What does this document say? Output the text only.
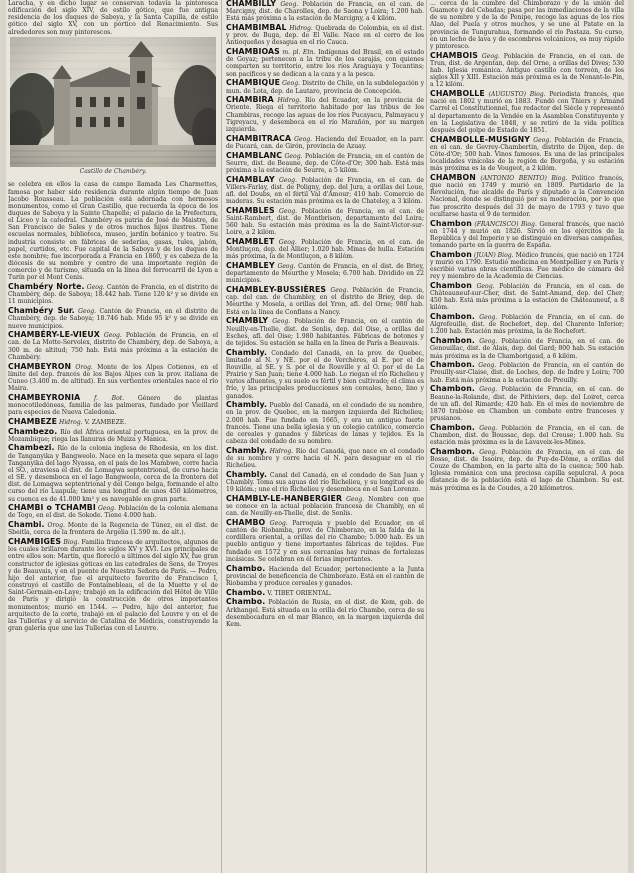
Laracha, y en dicho lugar se conservan todavía la pintoresca edificación del siglo XIV, de estilo gótico, que fue antigua residencia de los duques de Saboya, y la Santa Capilla, de estilo gótico del siglo XV, con un pórtico del Renacimiento. Sus alrededores son muy pintorescos.
Castillo de Chambéry.
se celebra en ellos la casa de campo llamada Les Charmettes, famosa por haber sido residencia durante algún tiempo de Juan Jacobo Rousseau. La población está adornada con hermosos monumentos, como el Gran Castillo, que recuerda la época de los duques de Saboya y la Sainte Chapelle; el palacio de la Prefectura, el Liceo y la catedral. Chambéry es patria de José de Maistre, de San Francisco de Sales y de otros muchos hijos ilustres. Tiene escuelas normales, biblioteca, museo, jardín botánico y teatro. Su industria consiste en fábricas de sederías, gasas, tules, jabón, papel, curtidos, etc. Fue capital de la Saboya y de los duques de este nombre; fue incorporada a Francia en 1860, y es cabeza de la diócesis de su nombre y centro de una importante región de comercio y de turismo, situada en la línea del ferrocarril de Lyon a Turín por el Mont Cenis.
Chambéry Norte. Geog. Cantón de Francia, en el distrito de Chambéry, dep. de Saboya; 18.442 hab. Tiene 120 k² y se divide en 11 municipios.
Chambéry Sur. Geog. Cantón de Francia, en el distrito de Chambéry, dep. de Saboya; 18.746 hab. Mide 95 k² y se divide en nueve municipios.
CHAMBÉRY-LE-VIEUX Geog. Población de Francia, en el can. de La Motte-Servolex, distrito de Chambéry, dep. de Saboya, a 300 m. de altitud; 750 hab. Está más próxima a la estación de Chambéry.
CHAMBEYRON Orog. Monte de los Alpes Cotienos, en el límite del dep. francés de los Bajos Alpes con la prov. italiana de Cuneo (3.400 m. de altitud). En sus vertientes orientales nace el río Maira.
CHAMBEYRONIA f. Bot. Género de plantas monocotiledóneas, familia de las palmeras, fundado por Vieillard para especies de Nueva Caledonia.
CHAMBEZE Hidrog. V. ZAMBEZE.
Chambezo. Río del África oriental portuguesa, en la prov. de Mozambique; riega las llanuras de Muiza y Manica.
Chambezi. Río de la colonia inglesa de Rhodesia, en los dist. de Tanganyika y Bangweolo. Nace en la meseta que separa el lago Tanganyika del lago Nyassa, en el país de los Mambwe, corre hacia el SO., atraviesa el dist. de Lomagwa septentrional, de curso hacia el SE. y desemboca en el lago Bangweolo, cerca de la frontera del dist. de Lomagwa septentrional y del Congo belga, formando el alto curso del río Luapula; tiene una longitud de unos 450 kilómetros, su cuenca es de 41.000 km² y es navegable en gran parte.
CHAMBI o TCHAMBI Geog. Población de la colonia alemana de Togo, en el dist. de Sokode. Tiene 4.000 hab.
Chambi. Orog. Monte de la Regencia de Túnez, en el dist. de Sbeitla, cerca de la frontera de Argelia (1.590 m. de alt.).
CHAMBIGES Biog. Familia francesa de arquitectos, algunos de los cuales brillaron durante los siglos XV y XVI. Los principales de entre ellos son: Martín, que floreció a últimos del siglo XV, fue gran constructor de iglesias góticas en las catedrales de Sens, de Troyes y de Beauvais, y en el puente de Nuestra Señora de París. — Pedro, hijo del anterior, fue el arquitecto favorito de Francisco I, construyó el castillo de Fontainebleau, el de la Muette y el de Saint-Germain-en-Laye; trabajó en la edificación del Hôtel de Ville de París y dirigió la construcción de otros importantes monumentos; murió en 1544. — Pedro, hijo del anterior, fue arquitecto de la corte, trabajó en el palacio del Louvre y en el de las Tullerías y al servicio de Catalina de Médicis, construyendo la gran galería que une las Tullerías con el Louvre.
CHAMBILLY Geog. Población de Francia, en el can. de Marcigny, dist. de Charolles, dep. de Saona y Loira; 1.200 hab. Está más próxima a la estación de Marcigny, a 4 kilóm.
CHAMBIMBAL Hidrog. Quebrada de Colombia, en el dist. y prov. de Buga, dep. de El Valle. Nace en el cerro de los Antioqueños y desagua en el río Cauca.
CHAMBIOAS m. pl. Etn. Indígenas del Brasil, en el estado de Goyaz; pertenecen a la tribu de los carajás, con quienes comparten su territorio, entre los ríos Araguaya y Tocantins; son pacíficos y se dedican a la caza y a la pesca.
CHAMBIQUE Geog. Distrito de Chile, en la subdelegación y mun. de Lota, dep. de Lautaro, provincia de Concepción.
CHAMBIRA Hidrog. Río del Ecuador, en la provincia de Oriente. Riega el territorio habitado por las tribus de los Chambiras, recoge las aguas de los ríos Pucayacu, Palmayacu y Tigreyacu, y desemboca en el río Marañón, por su margen izquierda.
CHAMBITRACA Geog. Hacienda del Ecuador, en la parr. de Pucará, can. de Girón, provincia de Azuay.
CHAMBLANC Geog. Población de Francia, en el cantón de Seurre, dist. de Beaune, dep. de Côte-d'Or; 300 hab. Está más próxima a la estación de Seurre, a 5 kilóm.
CHAMBLAY Geog. Población de Francia, en el can. de Villers-Farlay, dist. de Poligny, dep. del Jura, a orillas del Loue, afl. del Doubs, en el fértil Val d'Amour; 410 hab. Comercio de maderas. Su estación más próxima es la de Chateley, a 3 kilóm.
CHAMBLES Geog. Población de Francia, en el can. de Saint-Rambert, dist. de Montbrison, departamento del Loira; 560 hab. Su estación más próxima es la de Saint-Victor-sur-Loire, a 2 kilóm.
CHAMBLET Geog. Población de Francia, en el can. de Montluçon, dep. del Allier; 1.020 hab. Minas de hulla. Estación más próxima, la de Montluçon, a 8 kilóm.
CHAMBLEY Geog. Cantón de Francia, en el dist. de Briey, departamento de Meurthe y Mosela; 6.700 hab. Dividido en 22 municipios.
CHAMBLEY-BUSSIÈRES Geog. Población de Francia, cap. del can. de Chambley, en el distrito de Briey, dep. de Meurthe y Mosela, a orillas del Yron, afl. del Orne; 980 hab. Está en la línea de Conflans a Nancy.
CHAMBLY Geog. Población de Francia, en el cantón de Neuilly-en-Thelle, dist. de Senlis, dep. del Oise, a orillas del Esches, afl. del Oise; 1.980 habitantes. Fábricas de botones y de tejidos. Su estación se halla en la línea de París a Beauvais.
Chambly. Condado del Canadá, en la prov. de Quebec, limitado al N. y NE. por el de Verchères, al E. por el de Rouville, al SE. y S. por el de Rouville y al O. por el de La Prairie y San Juan; tiene 4.000 hab. Lo riegan el río Richelieu y varios afluentes, y su suelo es fértil y bien cultivado; el clima es frío, y las principales producciones son cereales, heno, lino y ganados.
Chambly. Pueblo del Canadá, en el condado de su nombre, en la prov. de Quebec, en la margen izquierda del Richelieu; 2.000 hab. Fue fundado en 1665, y era un antiguo fuerte francés. Tiene una bella iglesia y un colegio católico, comercio de cereales y ganados y fábricas de lanas y tejidos. Es la cabeza del condado de su nombre.
Chambly. Hidrog. Río del Canadá, que nace en el condado de su nombre y corre hacia el N. para desaguar en el río Richelieu.
Chambly. Canal del Canadá, en el condado de San Juan y Chambly. Toma sus aguas del río Richelieu, y su longitud es de 19 kilóm.; une el río Richelieu y desemboca en el San Lorenzo.
CHAMBLY-LE-HANBERGIER Geog. Nombre con que se conoce en la actual población francesa de Chambly, en el can. de Neuilly-en-Thelle, dist. de Senlis.
CHAMBO Geog. Parroquia y pueblo del Ecuador, en el cantón de Riobamba, prov. de Chimborazo, en la falda de la cordillera oriental, a orillas del río Chambo; 5.000 hab. Es un pueblo antiguo y tiene importantes fábricas de tejidos. Fue fundado en 1572 y en sus cercanías hay ruinas de fortalezas incásicas. Se celebran en él ferias importantes.
Chambo. Hacienda del Ecuador, perteneciente a la Junta provincial de beneficencia de Chimborazo. Está en el cantón de Riobamba y produce cereales y ganados.
Chambo. V. TIBET ORIENTAL.
Chambo. Población de Rusia, en el dist. de Kem, gob. de Arkhangel. Está situada en la orilla del río Chambo, cerca de su desembocadura en el mar Blanco, en la margen izquierda del Kem.
... cerca de la cumbre del Chimborazo y de la unión del Guamote y del Cebadas; pasa por las inmediaciones de la villa de su nombre y de la de Penipe, recoge las aguas de los ríos Alao, del Puela y otros muchos, y se une al Patate en la provincia de Tungurahua, formando el río Pastaza. Su curso, en un lecho de lava y de escombros volcánicos, es muy rápido y pintoresco.
CHAMBOIS Geog. Población de Francia, en el can. de Trun, dist. de Argentan, dep. del Orne, a orillas del Dives; 530 hab. Iglesia románica. Antiguo castillo con torreón, de los siglos XII y XIII. Estación más próxima es la de Nonant-le-Pin, a 12 kilóm.
CHAMBOLLE (AUGUSTO) Biog. Periodista francés, que nació en 1802 y murió en 1883. Fundó con Thiers y Armand Carrel el Constitutionnel, fue redactor del Siècle y representó al departamento de la Vendée en la Asamblea Constituyente y en la Legislativa de 1848, y se retiró de la vida política después del golpe de Estado de 1851.
CHAMBOLLE-MUSIGNY Geog. Población de Francia, en el can. de Gevrey-Chambertin, distrito de Dijon, dep. de Côte-d'Or; 500 hab. Vinos famosos. Es una de las principales localidades vinícolas de la región de Borgoña, y su estación más próxima es la de Vougeot, a 2 kilóm.
CHAMBON (ANTONIO BENITO) Biog. Político francés, que nació en 1749 y murió en 1809. Partidario de la Revolución, fue alcalde de París y diputado a la Convención Nacional, donde se distinguió por su moderación, por lo que fue proscrito después del 31 de mayo de 1793 y tuvo que ocultarse hasta el 9 de termidor.
Chambon (FRANCISCO) Biog. General francés, que nació en 1744 y murió en 1826. Sirvió en los ejércitos de la República y del Imperio y se distinguió en diversas campañas, tomando parte en la guerra de España.
Chambon (JUAN) Biog. Médico francés, que nació en 1724 y murió en 1790. Estudió medicina en Montpellier y en París y escribió varias obras científicas. Fue médico de cámara del rey y miembro de la Academia de Ciencias.
Chambon Geog. Población de Francia, en el can. de Châteauneuf-sur-Cher, dist. de Saint-Amand, dep. del Cher; 450 hab. Está más próxima a la estación de Châteauneuf, a 8 kilóm.
Chambon. Geog. Población de Francia, en el can. de Algrefeuille, dist. de Rochefort, dep. del Charente Inferior; 1.200 hab. Estación más próxima, la de Rochefort.
Chambon. Geog. Población de Francia, en el can. de Genouillac, dist. de Alais, dep. del Gard; 800 hab. Su estación más próxima es la de Chamborigaud, a 6 kilóm.
Chambon. Geog. Población de Francia, en el cantón de Preuilly-sur-Claise, dist. de Loches, dep. de Indre y Loira; 700 hab. Está más próxima a la estación de Preuilly.
Chambon. Geog. Población de Francia, en el can. de Beaune-la-Rolande, dist. de Pithiviers, dep. del Loiret, cerca de un afl. del Rimarde; 420 hab. En el mes de noviembre de 1870 trabóse en Chambon un combate entre franceses y prusianos.
Chambon. Geog. Población de Francia, en el can. de Chambon, dist. de Boussac, dep. del Creuse; 1.900 hab. Su estación más próxima es la de Lavaveix-les-Mines.
Chambon. Geog. Población de Francia, en el can. de Bosse, dist. de Issoire, dep. de Puy-de-Dôme, a orillas del Couze de Chambon, en la parte alta de la cuenca; 500 hab. Iglesia románica con una preciosa capilla sepulcral. A poca distancia de la población está el lago de Chambon. Su est. más próxima es la de Coudes, a 20 kilómetros.
